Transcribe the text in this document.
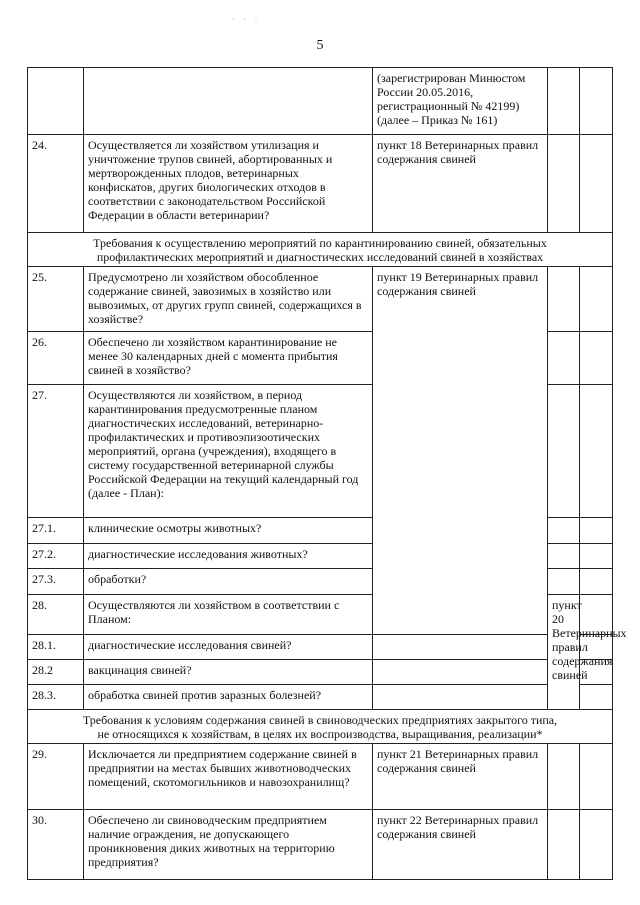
· · ·
5
		(зарегистрирован Минюстом России 20.05.2016, регистрационный № 42199) (далее – Приказ № 161)			
24.	Осуществляется ли хозяйством утилизация и уничтожение трупов свиней, абортированных и мертворожденных плодов, ветеринарных конфискатов, других биологических отходов в соответствии с законодательством Российской Федерации в области ветеринарии?	пункт 18 Ветеринарных правил содержания свиней			

Требования к осуществлению мероприятий по карантинированию свиней, обязательных
профилактических мероприятий и диагностических исследований свиней в хозяйствах					

25.	Предусмотрено ли хозяйством обособленное содержание свиней, завозимых в хозяйство или вывозимых, от других групп свиней, содержащихся в хозяйстве?	пункт 19 Ветеринарных правил содержания свиней			
26.	Обеспечено ли хозяйством карантинирование не менее 30 календарных дней с момента прибытия свиней в хозяйство?				
27.	Осуществляются ли хозяйством, в период карантинирования предусмотренные планом диагностических исследований, ветеринарно-профилактических и противоэпизоотических мероприятий, органа (учреждения), входящего в систему государственной ветеринарной службы Российской Федерации на текущий календарный год (далее - План):				
27.1.	клинические осмотры животных?				
27.2.	диагностические исследования животных?				
27.3.	обработки?				
28.	Осуществляются ли хозяйством в соответствии с Планом:		пункт 20 Ветеринарных правил содержания свиней		
28.1.	диагностические исследования свиней?				
28.2	вакцинация свиней?				
28.3.	обработка свиней против заразных болезней?				

Требования к условиям содержания свиней в свиноводческих предприятиях закрытого типа,
не относящихся к хозяйствам, в целях их воспроизводства, выращивания, реализации*					

29.	Исключается ли предприятием содержание свиней в предприятии на местах бывших животноводческих помещений, скотомогильников и навозохранилищ?	пункт 21 Ветеринарных правил содержания свиней			
30.	Обеспечено ли свиноводческим предприятием наличие ограждения, не допускающего проникновения диких животных на территорию предприятия?	пункт 22 Ветеринарных правил содержания свиней			
